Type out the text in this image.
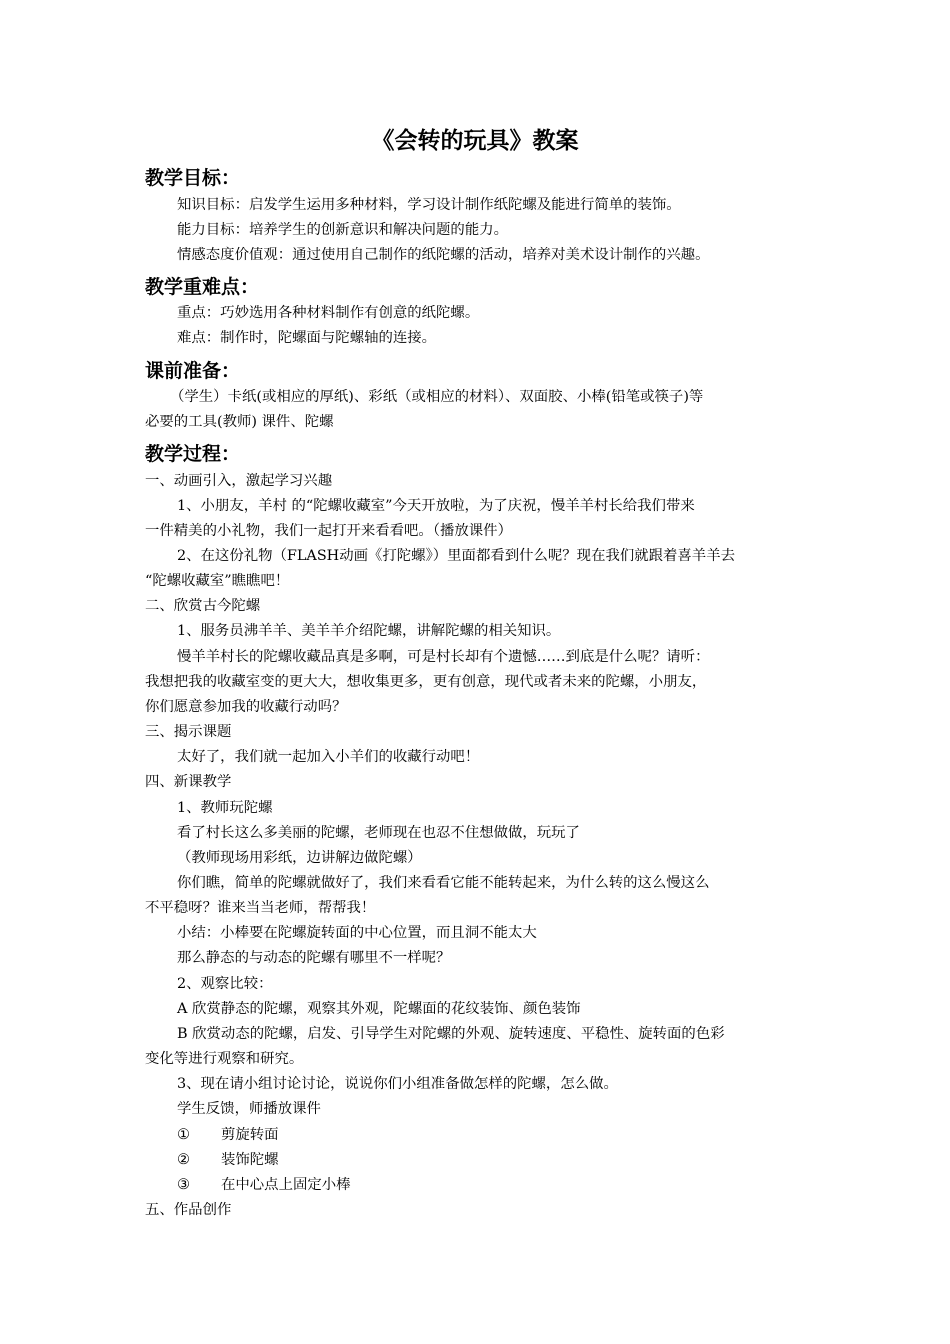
《会转的玩具》教案
教学目标：
知识目标：启发学生运用多种材料，学习设计制作纸陀螺及能进行简单的装饰。
能力目标：培养学生的创新意识和解决问题的能力。
情感态度价值观：通过使用自己制作的纸陀螺的活动，培养对美术设计制作的兴趣。
教学重难点：
重点：巧妙选用各种材料制作有创意的纸陀螺。
难点：制作时，陀螺面与陀螺轴的连接。
课前准备：
（学生）卡纸(或相应的厚纸)、彩纸（或相应的材料）、双面胶、小棒(铅笔或筷子)等
必要的工具(教师) 课件、陀螺
教学过程：
一、动画引入，激起学习兴趣
1、小朋友，羊村 的“陀螺收藏室”今天开放啦，为了庆祝，慢羊羊村长给我们带来
一件精美的小礼物，我们一起打开来看看吧。（播放课件）
2、在这份礼物（FLASH动画《打陀螺》）里面都看到什么呢？现在我们就跟着喜羊羊去
“陀螺收藏室”瞧瞧吧！
二、欣赏古今陀螺
1、服务员沸羊羊、美羊羊介绍陀螺，讲解陀螺的相关知识。
慢羊羊村长的陀螺收藏品真是多啊，可是村长却有个遗憾……到底是什么呢？请听：
我想把我的收藏室变的更大大，想收集更多，更有创意，现代或者未来的陀螺，小朋友，
你们愿意参加我的收藏行动吗？
三、揭示课题
太好了，我们就一起加入小羊们的收藏行动吧！
四、新课教学
1、教师玩陀螺
看了村长这么多美丽的陀螺，老师现在也忍不住想做做，玩玩了
（教师现场用彩纸，边讲解边做陀螺）
你们瞧，简单的陀螺就做好了，我们来看看它能不能转起来，为什么转的这么慢这么
不平稳呀？谁来当当老师，帮帮我！
小结：小棒要在陀螺旋转面的中心位置，而且洞不能太大
那么静态的与动态的陀螺有哪里不一样呢？
2、观察比较：
A 欣赏静态的陀螺，观察其外观，陀螺面的花纹装饰、颜色装饰
B 欣赏动态的陀螺，启发、引导学生对陀螺的外观、旋转速度、平稳性、旋转面的色彩
变化等进行观察和研究。
3、现在请小组讨论讨论，说说你们小组准备做怎样的陀螺，怎么做。
学生反馈，师播放课件
① 剪旋转面
② 装饰陀螺
③ 在中心点上固定小棒
五、作品创作
